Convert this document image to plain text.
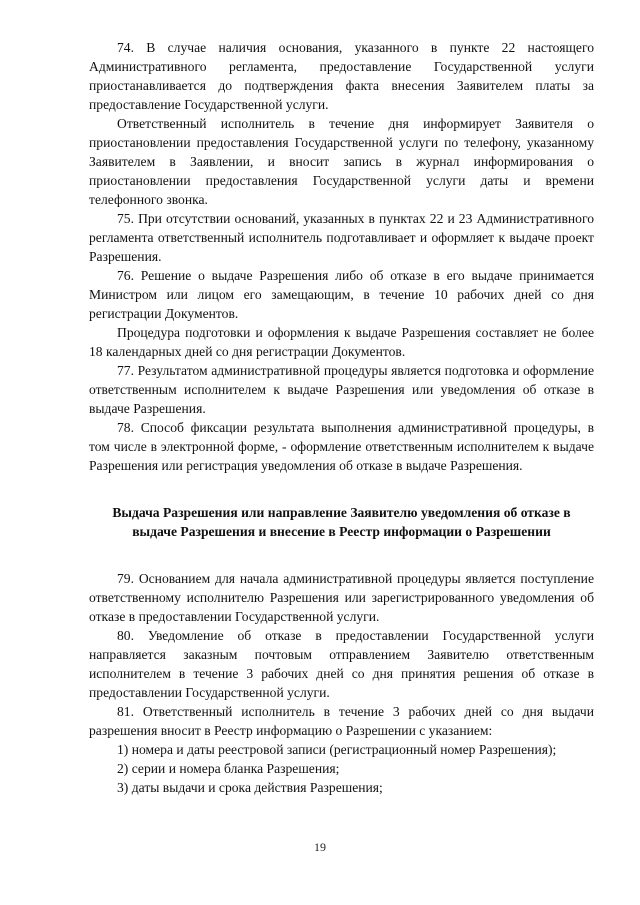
74. В случае наличия основания, указанного в пункте 22 настоящего Административного регламента, предоставление Государственной услуги приостанавливается до подтверждения факта внесения Заявителем платы за предоставление Государственной услуги.

Ответственный исполнитель в течение дня информирует Заявителя о приостановлении предоставления Государственной услуги по телефону, указанному Заявителем в Заявлении, и вносит запись в журнал информирования о приостановлении предоставления Государственной услуги даты и времени телефонного звонка.

75. При отсутствии оснований, указанных в пунктах 22 и 23 Административного регламента ответственный исполнитель подготавливает и оформляет к выдаче проект Разрешения.

76. Решение о выдаче Разрешения либо об отказе в его выдаче принимается Министром или лицом его замещающим, в течение 10 рабочих дней со дня регистрации Документов.

Процедура подготовки и оформления к выдаче Разрешения составляет не более 18 календарных дней со дня регистрации Документов.

77. Результатом административной процедуры является подготовка и оформление ответственным исполнителем к выдаче Разрешения или уведомления об отказе в выдаче Разрешения.

78. Способ фиксации результата выполнения административной процедуры, в том числе в электронной форме, - оформление ответственным исполнителем к выдаче Разрешения или регистрация уведомления об отказе в выдаче Разрешения.

Выдача Разрешения или направление Заявителю уведомления об отказе в выдаче Разрешения и внесение в Реестр информации о Разрешении

79. Основанием для начала административной процедуры является поступление ответственному исполнителю Разрешения или зарегистрированного уведомления об отказе в предоставлении Государственной услуги.

80. Уведомление об отказе в предоставлении Государственной услуги направляется заказным почтовым отправлением Заявителю ответственным исполнителем в течение 3 рабочих дней со дня принятия решения об отказе в предоставлении Государственной услуги.

81. Ответственный исполнитель в течение 3 рабочих дней со дня выдачи разрешения вносит в Реестр информацию о Разрешении с указанием:

1) номера и даты реестровой записи (регистрационный номер Разрешения);

2) серии и номера бланка Разрешения;

3) даты выдачи и срока действия Разрешения;

19
